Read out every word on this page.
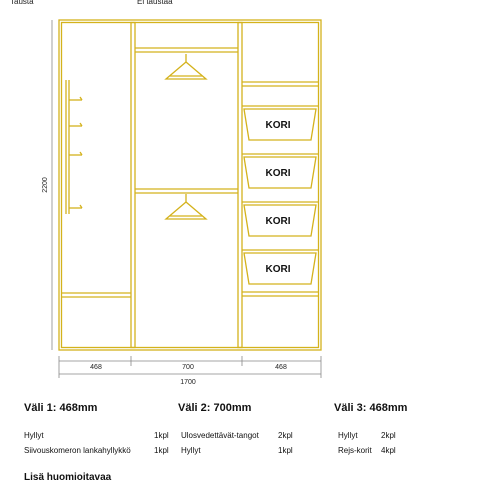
Tausta	Ei taustaa
KORI
KORI
KORI
KORI
2200
468	700	468
1700
Väli 1: 468mm	Väli 2: 700mm	Väli 3: 468mm
Hyllyt	1kpl
Siivouskomeron lankahyllykkö	1kpl
Ulosvedettävät-tangot 2kpl
Hyllyt	1kpl
Hyllyt	2kpl
Rejs-korit 4kpl
Lisä huomioitavaa
